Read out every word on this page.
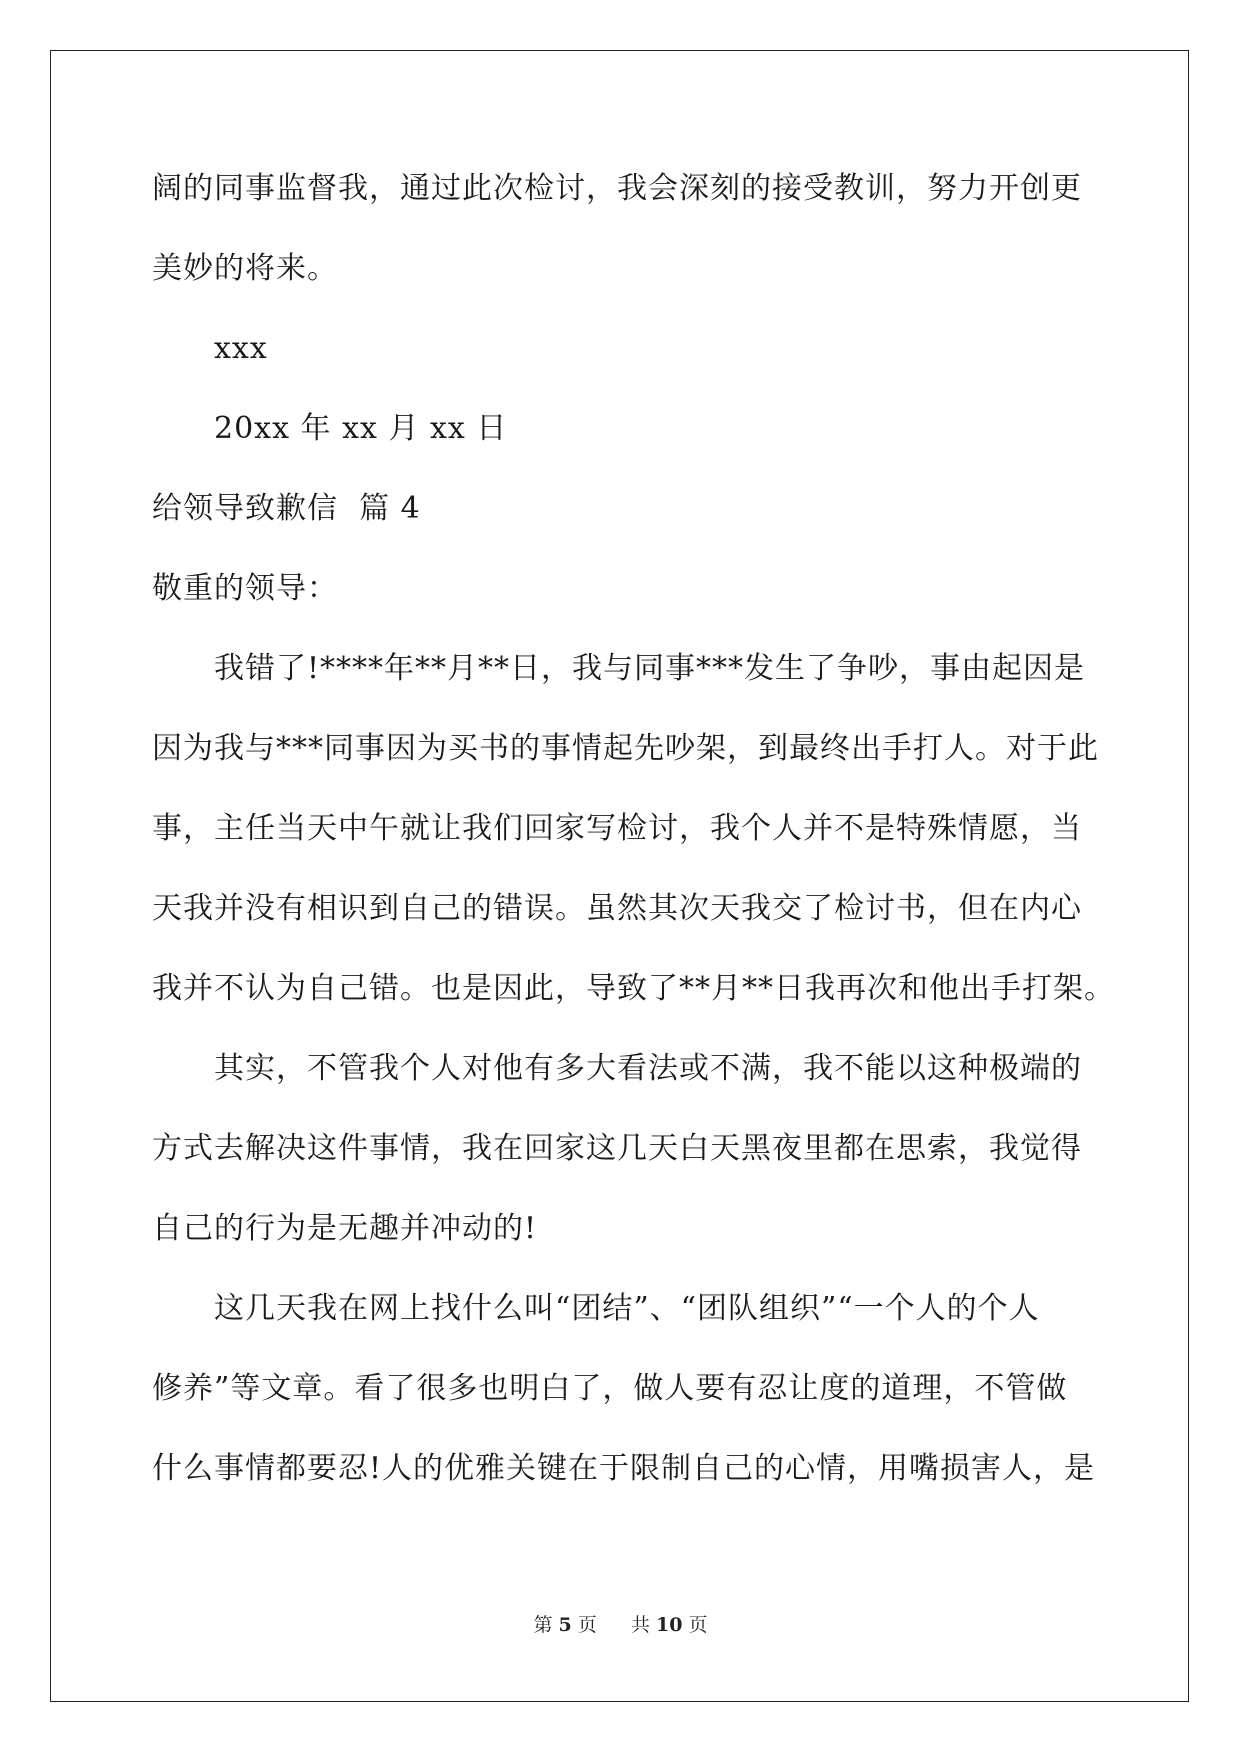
阔的同事监督我，通过此次检讨，我会深刻的接受教训，努力开创更
美妙的将来。
xxx
20xx 年 xx 月 xx 日
给领导致歉信  篇 4
敬重的领导：
我错了!****年**月**日，我与同事***发生了争吵，事由起因是
因为我与***同事因为买书的事情起先吵架，到最终出手打人。对于此
事，主任当天中午就让我们回家写检讨，我个人并不是特殊情愿，当
天我并没有相识到自己的错误。虽然其次天我交了检讨书，但在内心
我并不认为自己错。也是因此，导致了**月**日我再次和他出手打架。
其实，不管我个人对他有多大看法或不满，我不能以这种极端的
方式去解决这件事情，我在回家这几天白天黑夜里都在思索，我觉得
自己的行为是无趣并冲动的!
这几天我在网上找什么叫“团结”、“团队组织”“一个人的个人
修养”等文章。看了很多也明白了，做人要有忍让度的道理，不管做
什么事情都要忍!人的优雅关键在于限制自己的心情，用嘴损害人，是
第 5 页 共 10 页
